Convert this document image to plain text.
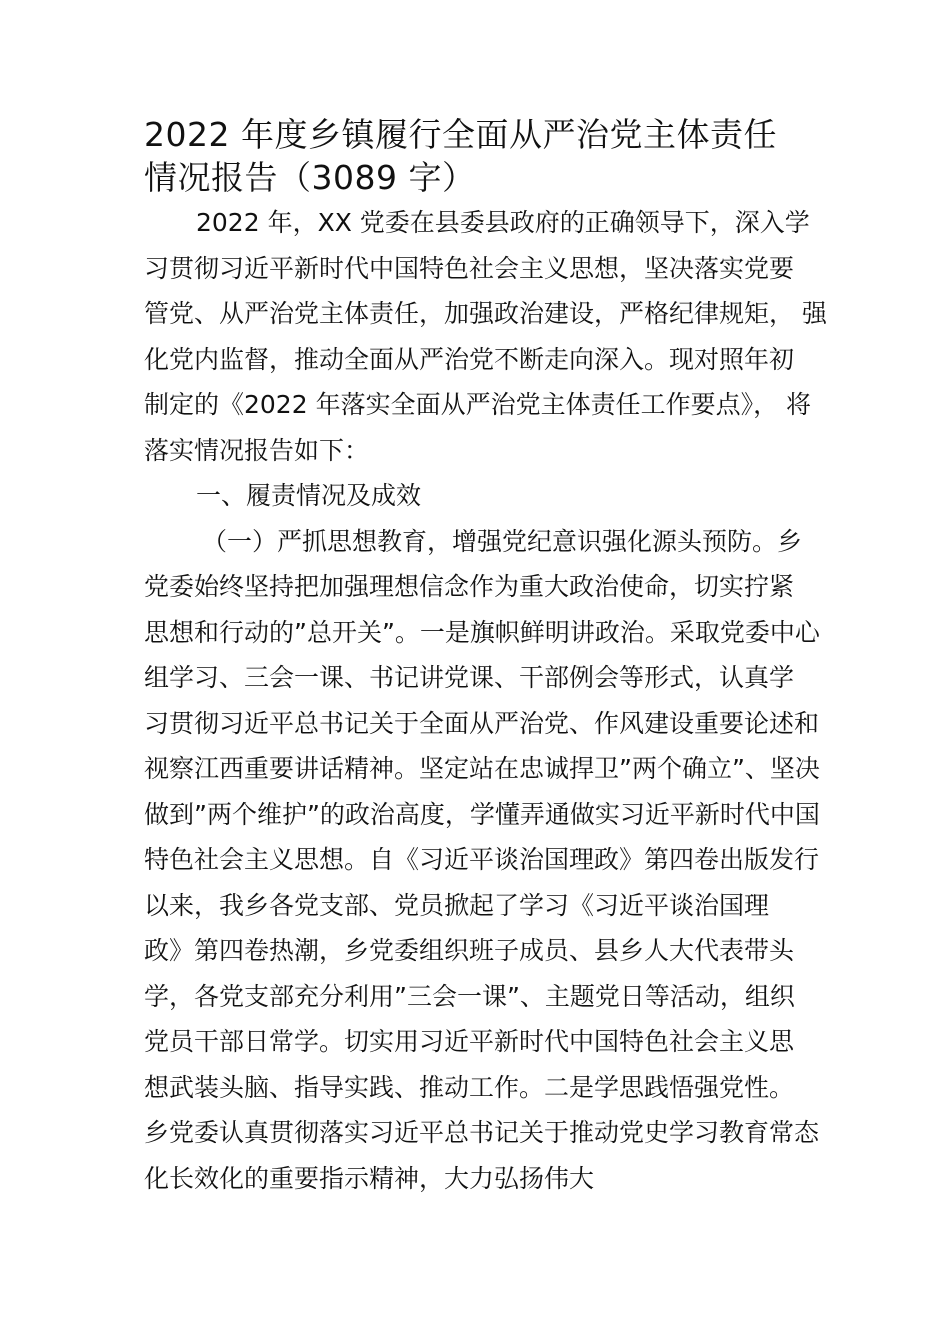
2022 年度乡镇履行全面从严治党主体责任
情况报告（3089 字）
2022 年，XX 党委在县委县政府的正确领导下，深入学
习贯彻习近平新时代中国特色社会主义思想，坚决落实党要
管党、从严治党主体责任，加强政治建设，严格纪律规矩， 强
化党内监督，推动全面从严治党不断走向深入。现对照年初
制定的《2022 年落实全面从严治党主体责任工作要点》， 将
落实情况报告如下：
一、履责情况及成效
（一）严抓思想教育，增强党纪意识强化源头预防。乡
党委始终坚持把加强理想信念作为重大政治使命，切实拧紧
思想和行动的”总开关”。一是旗帜鲜明讲政治。采取党委中心
组学习、三会一课、书记讲党课、干部例会等形式，认真学
习贯彻习近平总书记关于全面从严治党、作风建设重要论述和
视察江西重要讲话精神。坚定站在忠诚捍卫”两个确立”、坚决
做到”两个维护”的政治高度，学懂弄通做实习近平新时代中国
特色社会主义思想。自《习近平谈治国理政》第四卷出版发行
以来，我乡各党支部、党员掀起了学习《习近平谈治国理
政》第四卷热潮，乡党委组织班子成员、县乡人大代表带头
学，各党支部充分利用”三会一课”、主题党日等活动，组织
党员干部日常学。切实用习近平新时代中国特色社会主义思
想武装头脑、指导实践、推动工作。二是学思践悟强党性。
乡党委认真贯彻落实习近平总书记关于推动党史学习教育常态
化长效化的重要指示精神，大力弘扬伟大
